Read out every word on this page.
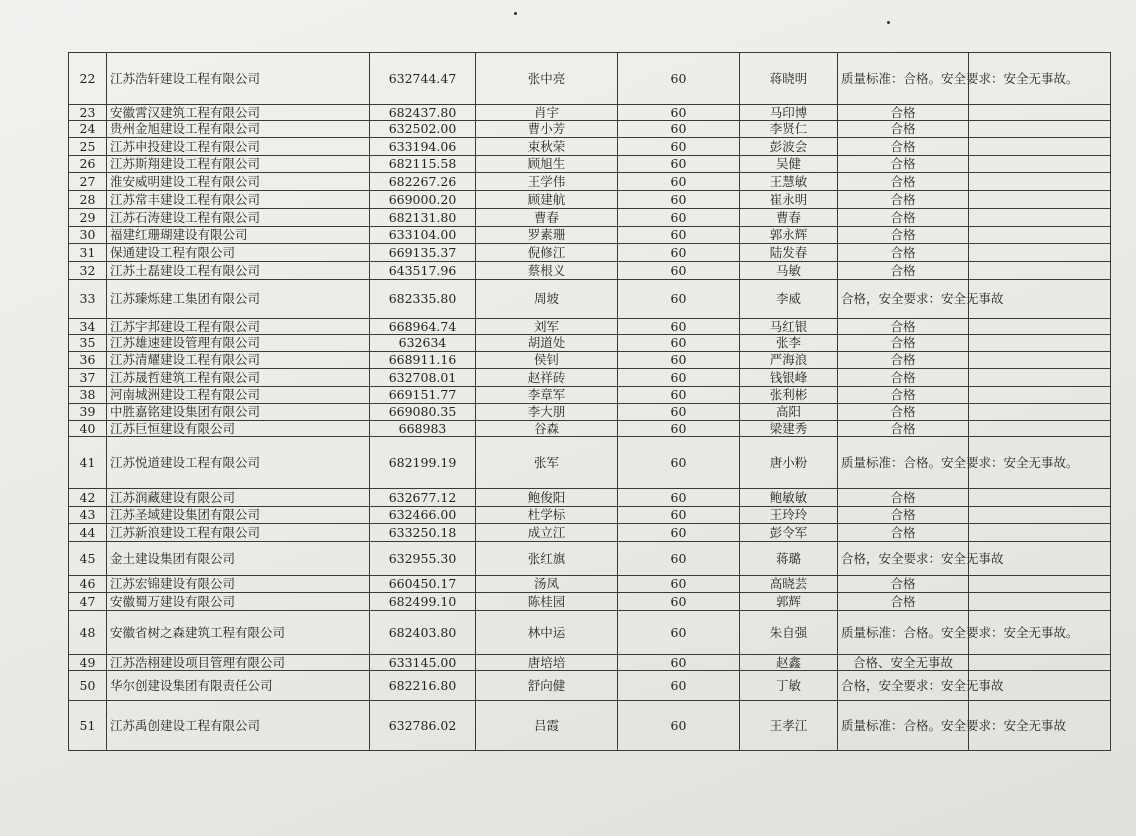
22	江苏浩轩建设工程有限公司	632744.47	张中亮	60	蒋晓明	质量标准：合格。安全要求：安全无事故。	
23	安徽霄汉建筑工程有限公司	682437.80	肖宇	60	马印博	合格	
24	贵州金旭建设工程有限公司	632502.00	曹小芳	60	李贤仁	合格	
25	江苏申投建设工程有限公司	633194.06	束秋荣	60	彭波会	合格	
26	江苏斯翔建设工程有限公司	682115.58	顾旭生	60	吴健	合格	
27	淮安威明建设工程有限公司	682267.26	王学伟	60	王慧敏	合格	
28	江苏常丰建设工程有限公司	669000.20	顾建航	60	崔永明	合格	
29	江苏石涛建设工程有限公司	682131.80	曹春	60	曹春	合格	
30	福建红珊瑚建设有限公司	633104.00	罗素珊	60	郭永辉	合格	
31	保通建设工程有限公司	669135.37	倪修江	60	陆发春	合格	
32	江苏土磊建设工程有限公司	643517.96	蔡根义	60	马敏	合格	
33	江苏臻烁建工集团有限公司	682335.80	周坡	60	李威	合格，安全要求：安全无事故	
34	江苏宇邦建设工程有限公司	668964.74	刘军	60	马红银	合格	
35	江苏雄速建设管理有限公司	632634	胡道处	60	张李	合格	
36	江苏清耀建设工程有限公司	668911.16	侯钊	60	严海浪	合格	
37	江苏晟哲建筑工程有限公司	632708.01	赵祥砖	60	钱银峰	合格	
38	河南城洲建设工程有限公司	669151.77	李章军	60	张利彬	合格	
39	中胜嘉铭建设集团有限公司	669080.35	李大朋	60	高阳	合格	
40	江苏巨恒建设有限公司	668983	谷森	60	梁建秀	合格	
41	江苏悦道建设工程有限公司	682199.19	张军	60	唐小粉	质量标准：合格。安全要求：安全无事故。	
42	江苏润藏建设有限公司	632677.12	鲍俊阳	60	鲍敏敏	合格	
43	江苏圣域建设集团有限公司	632466.00	杜学标	60	王玲玲	合格	
44	江苏新浪建设工程有限公司	633250.18	成立江	60	彭令军	合格	
45	金土建设集团有限公司	632955.30	张红旗	60	蒋璐	合格，安全要求：安全无事故	
46	江苏宏锦建设有限公司	660450.17	汤凤	60	高晓芸	合格	
47	安徽蜀万建设有限公司	682499.10	陈桂园	60	郭辉	合格	
48	安徽省树之森建筑工程有限公司	682403.80	林中运	60	朱自强	质量标准：合格。安全要求：安全无事故。	
49	江苏浩栩建设项目管理有限公司	633145.00	唐培培	60	赵鑫	合格、安全无事故	
50	华尔创建设集团有限责任公司	682216.80	舒向健	60	丁敏	合格，安全要求：安全无事故	
51	江苏禹创建设工程有限公司	632786.02	吕霞	60	王孝江	质量标准：合格。安全要求：安全无事故	
